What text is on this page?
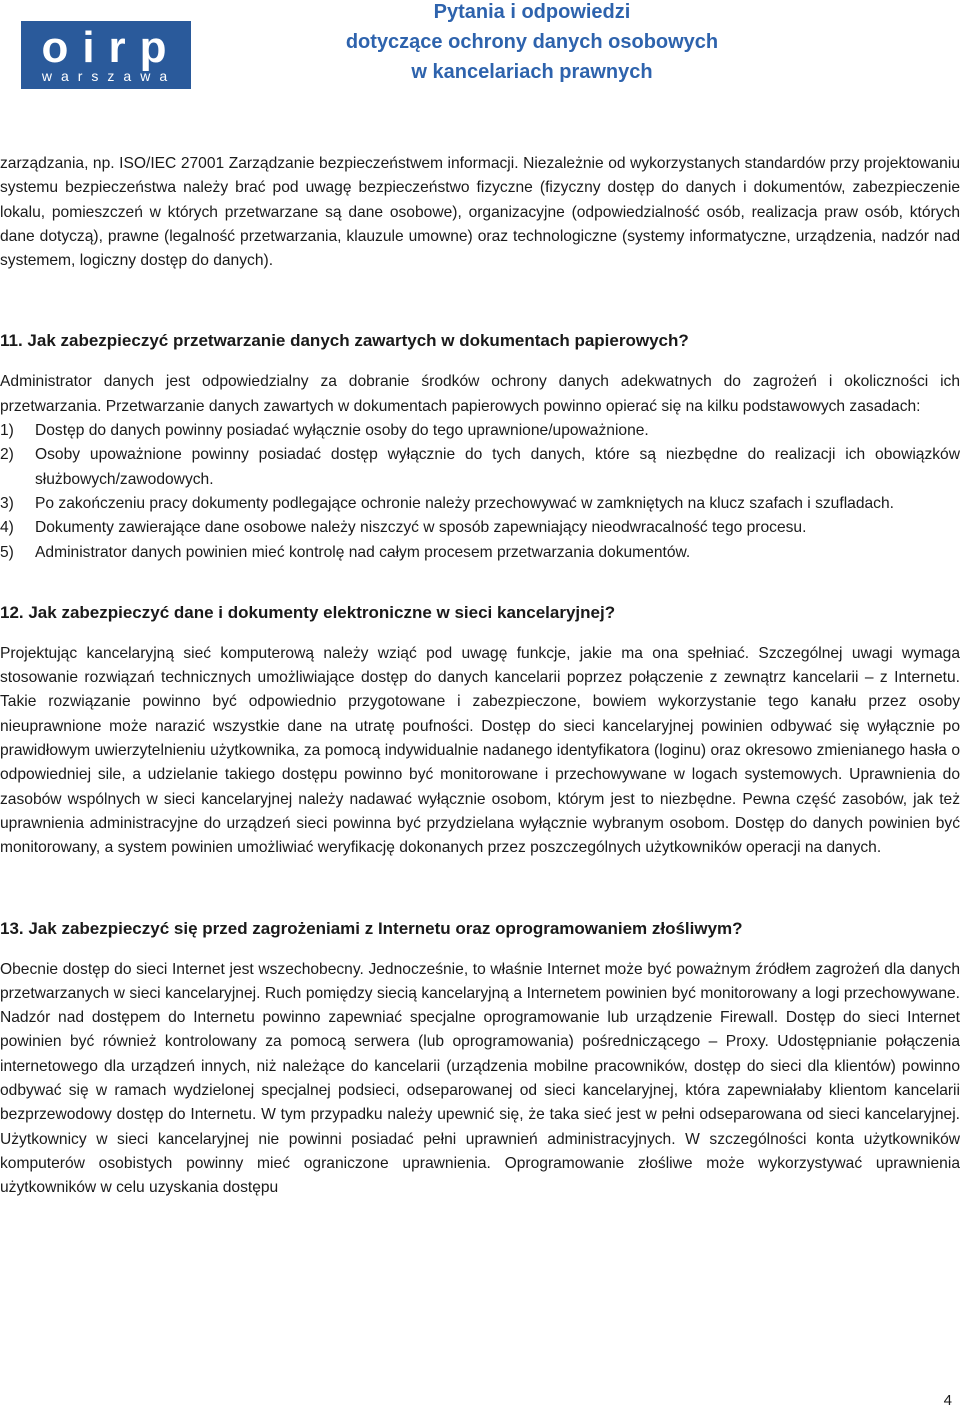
oirp
warszawa
Pytania i odpowiedzi
dotyczące ochrony danych osobowych
w kancelariach prawnych

zarządzania, np. ISO/IEC 27001 Zarządzanie bezpieczeństwem informacji. Niezależnie od wykorzystanych standardów przy projektowaniu systemu bezpieczeństwa należy brać pod uwagę bezpieczeństwo fizyczne (fizyczny dostęp do danych i dokumentów, zabezpieczenie lokalu, pomieszczeń w których przetwarzane są dane osobowe), organizacyjne (odpowiedzialność osób, realizacja praw osób, których dane dotyczą), prawne (legalność przetwarzania, klauzule umowne) oraz technologiczne (systemy informatyczne, urządzenia, nadzór nad systemem, logiczny dostęp do danych).

11. Jak zabezpieczyć przetwarzanie danych zawartych w dokumentach papierowych?

Administrator danych jest odpowiedzialny za dobranie środków ochrony danych adekwatnych do zagrożeń i okoliczności ich przetwarzania. Przetwarzanie danych zawartych w dokumentach papierowych powinno opierać się na kilku podstawowych zasadach:

1) Dostęp do danych powinny posiadać wyłącznie osoby do tego uprawnione/upoważnione.
2) Osoby upoważnione powinny posiadać dostęp wyłącznie do tych danych, które są niezbędne do realizacji ich obowiązków służbowych/zawodowych.
3) Po zakończeniu pracy dokumenty podlegające ochronie należy przechowywać w zamkniętych na klucz szafach i szufladach.
4) Dokumenty zawierające dane osobowe należy niszczyć w sposób zapewniający nieodwracalność tego procesu.
5) Administrator danych powinien mieć kontrolę nad całym procesem przetwarzania dokumentów.
12. Jak zabezpieczyć dane i dokumenty elektroniczne w sieci kancelaryjnej?

Projektując kancelaryjną sieć komputerową należy wziąć pod uwagę funkcje, jakie ma ona spełniać. Szczególnej uwagi wymaga stosowanie rozwiązań technicznych umożliwiające dostęp do danych kancelarii poprzez połączenie z zewnątrz kancelarii – z Internetu. Takie rozwiązanie powinno być odpowiednio przygotowane i zabezpieczone, bowiem wykorzystanie tego kanału przez osoby nieuprawnione może narazić wszystkie dane na utratę poufności. Dostęp do sieci kancelaryjnej powinien odbywać się wyłącznie po prawidłowym uwierzytelnieniu użytkownika, za pomocą indywidualnie nadanego identyfikatora (loginu) oraz okresowo zmienianego hasła o odpowiedniej sile, a udzielanie takiego dostępu powinno być monitorowane i przechowywane w logach systemowych. Uprawnienia do zasobów wspólnych w sieci kancelaryjnej należy nadawać wyłącznie osobom, którym jest to niezbędne. Pewna część zasobów, jak też uprawnienia administracyjne do urządzeń sieci powinna być przydzielana wyłącznie wybranym osobom. Dostęp do danych powinien być monitorowany, a system powinien umożliwiać weryfikację dokonanych przez poszczególnych użytkowników operacji na danych.

13. Jak zabezpieczyć się przed zagrożeniami z Internetu oraz oprogramowaniem złośliwym?

Obecnie dostęp do sieci Internet jest wszechobecny. Jednocześnie, to właśnie Internet może być poważnym źródłem zagrożeń dla danych przetwarzanych w sieci kancelaryjnej. Ruch pomiędzy siecią kancelaryjną a Internetem powinien być monitorowany a logi przechowywane. Nadzór nad dostępem do Internetu powinno zapewniać specjalne oprogramowanie lub urządzenie Firewall. Dostęp do sieci Internet powinien być również kontrolowany za pomocą serwera (lub oprogramowania) pośredniczącego – Proxy. Udostępnianie połączenia internetowego dla urządzeń innych, niż należące do kancelarii (urządzenia mobilne pracowników, dostęp do sieci dla klientów) powinno odbywać się w ramach wydzielonej specjalnej podsieci, odseparowanej od sieci kancelaryjnej, która zapewniałaby klientom kancelarii bezprzewodowy dostęp do Internetu. W tym przypadku należy upewnić się, że taka sieć jest w pełni odseparowana od sieci kancelaryjnej. Użytkownicy w sieci kancelaryjnej nie powinni posiadać pełni uprawnień administracyjnych. W szczególności konta użytkowników komputerów osobistych powinny mieć ograniczone uprawnienia. Oprogramowanie złośliwe może wykorzystywać uprawnienia użytkowników w celu uzyskania dostępu

4
